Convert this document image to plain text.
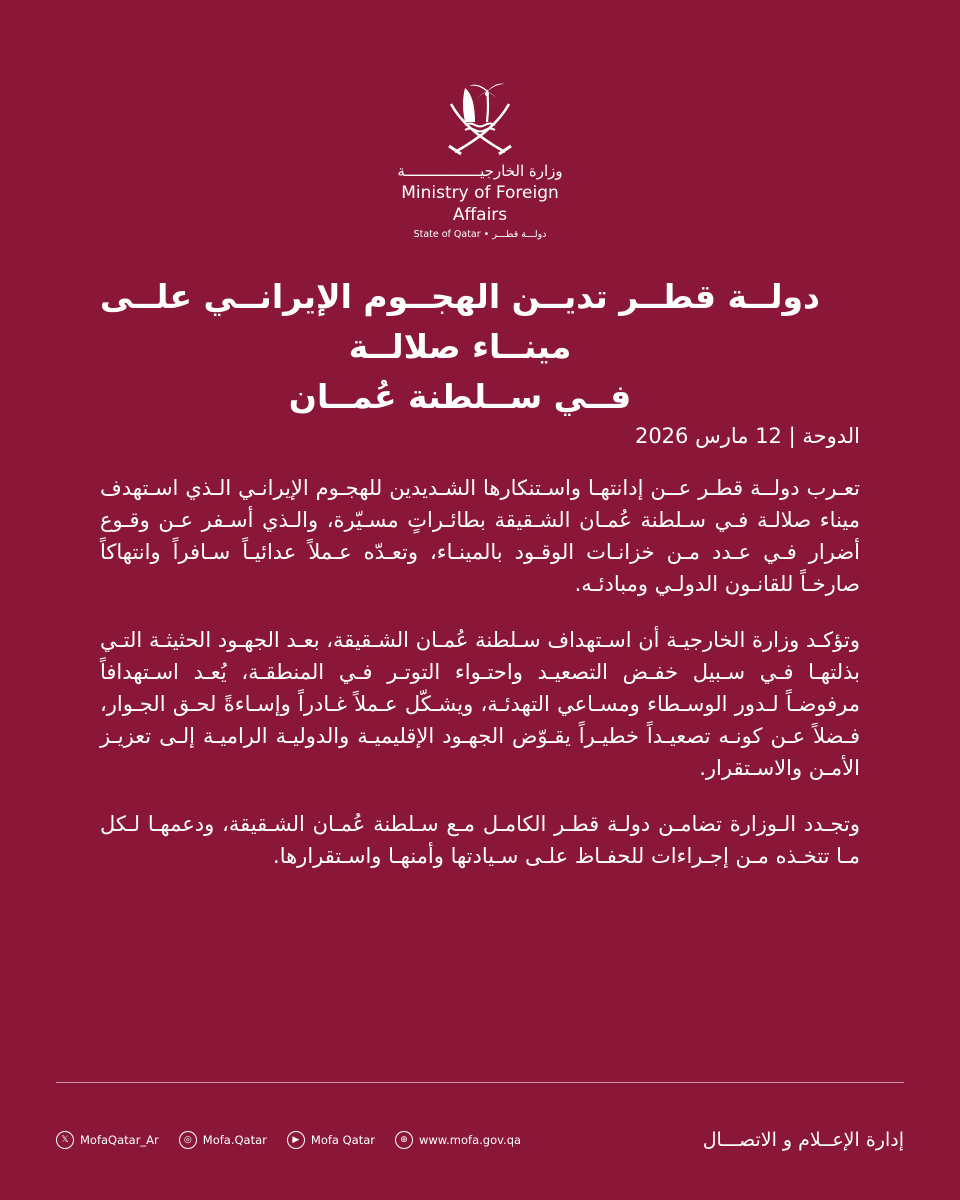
وزارة الخارجيـــــــــــــــــة
Ministry of Foreign Affairs
State of Qatar • دولـــة قطـــر
دولــة قطــر تديــن الهجــوم الإيرانــي علــى مينــاء صلالــة
فــي ســلطنة عُمــان

الدوحة | 12 مارس 2026

تعـرب دولــة قطـر عــن إدانتهـا واسـتنكارها الشـديدين للهجـوم الإيرانـي الـذي اسـتهدف ميناء صلالـة فـي سـلطنة عُمـان الشـقيقة بطائـراتٍ مسـيّرة، والـذي أسـفر عـن وقـوع أضرار فـي عـدد مـن خزانـات الوقـود بالمينـاء، وتعـدّه عـملاً عدائيـاً سـافراً وانتهاكاً صارخـاً للقانـون الدولـي ومبادئـه.

وتؤكـد وزارة الخارجيـة أن اسـتهداف سـلطنة عُمـان الشـقيقة، بعـد الجهـود الحثيثـة التـي بذلتهـا فـي سـبيل خفـض التصعيـد واحتـواء التوتـر فـي المنطقـة، يُعـد اسـتهدافاً مرفوضـاً لـدور الوسـطاء ومسـاعي التهدئـة، ويشـكّل عـملاً غـادراً وإسـاءةً لحـق الجـوار، فـضلاً عـن كونـه تصعيـداً خطيـراً يقـوّض الجهـود الإقليميـة والدوليـة الراميـة إلـى تعزيـز الأمـن والاسـتقرار.

وتجـدد الـوزارة تضامـن دولـة قطـر الكامـل مـع سـلطنة عُمـان الشـقيقة، ودعمهـا لـكل مـا تتخـذه مـن إجـراءات للحفـاظ علـى سـيادتها وأمنهـا واسـتقرارها.

𝕏 MofaQatar_Ar	◎ Mofa.Qatar	▶	Mofa Qatar	⊕ www.mofa.gov.qa	إدارة الإعــلام و الاتصـــال
